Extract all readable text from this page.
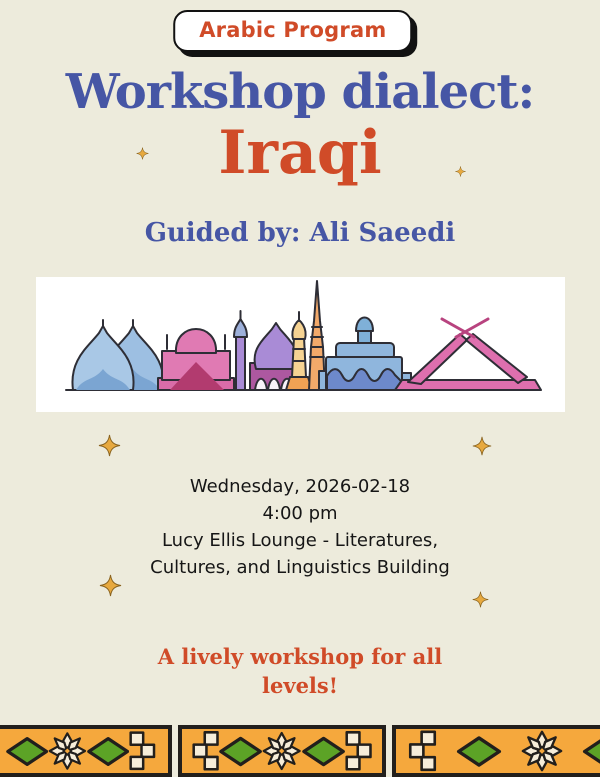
Arabic Program
Workshop dialect:
Iraqi
Guided by: Ali Saeedi
Wednesday, 2026-02-18
4:00 pm
Lucy Ellis Lounge - Literatures,
Cultures, and Linguistics Building
A lively workshop for all levels!
